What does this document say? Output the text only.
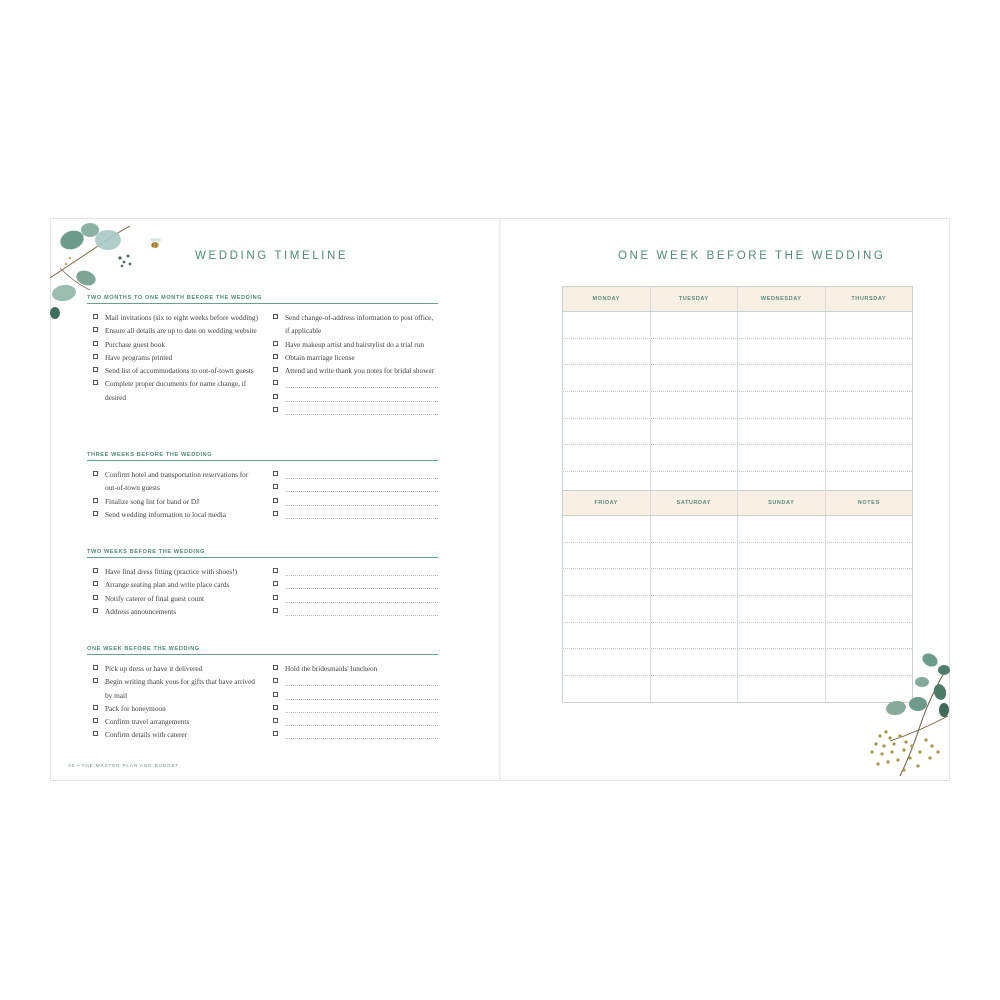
WEDDING TIMELINE
TWO MONTHS TO ONE MONTH BEFORE THE WEDDING
Mail invitations (six to eight weeks before wedding)
Ensure all details are up to date on wedding website
Purchase guest book
Have programs printed
Send list of accommodations to out-of-town guests
Complete proper documents for name change, if desired
Send change-of-address information to post office, if applicable
Have makeup artist and hairstylist do a trial run
Obtain marriage license
Attend and write thank you notes for bridal shower
THREE WEEKS BEFORE THE WEDDING
Confirm hotel and transportation reservations for out-of-town guests
Finalize song list for band or DJ
Send wedding information to local media
TWO WEEKS BEFORE THE WEDDING
Have final dress fitting (practice with shoes!)
Arrange seating plan and write place cards
Notify caterer of final guest count
Address announcements
ONE WEEK BEFORE THE WEDDING
Pick up dress or have it delivered
Begin writing thank yous for gifts that have arrived by mail
Pack for honeymoon
Confirm travel arrangements
Confirm details with caterer
Hold the bridesmaids' luncheon
36 • THE MASTER PLAN AND BUDGET
ONE WEEK BEFORE THE WEDDING
MONDAY	TUESDAY	WEDNESDAY	THURSDAY
FRIDAY	SATURDAY	SUNDAY	NOTES
